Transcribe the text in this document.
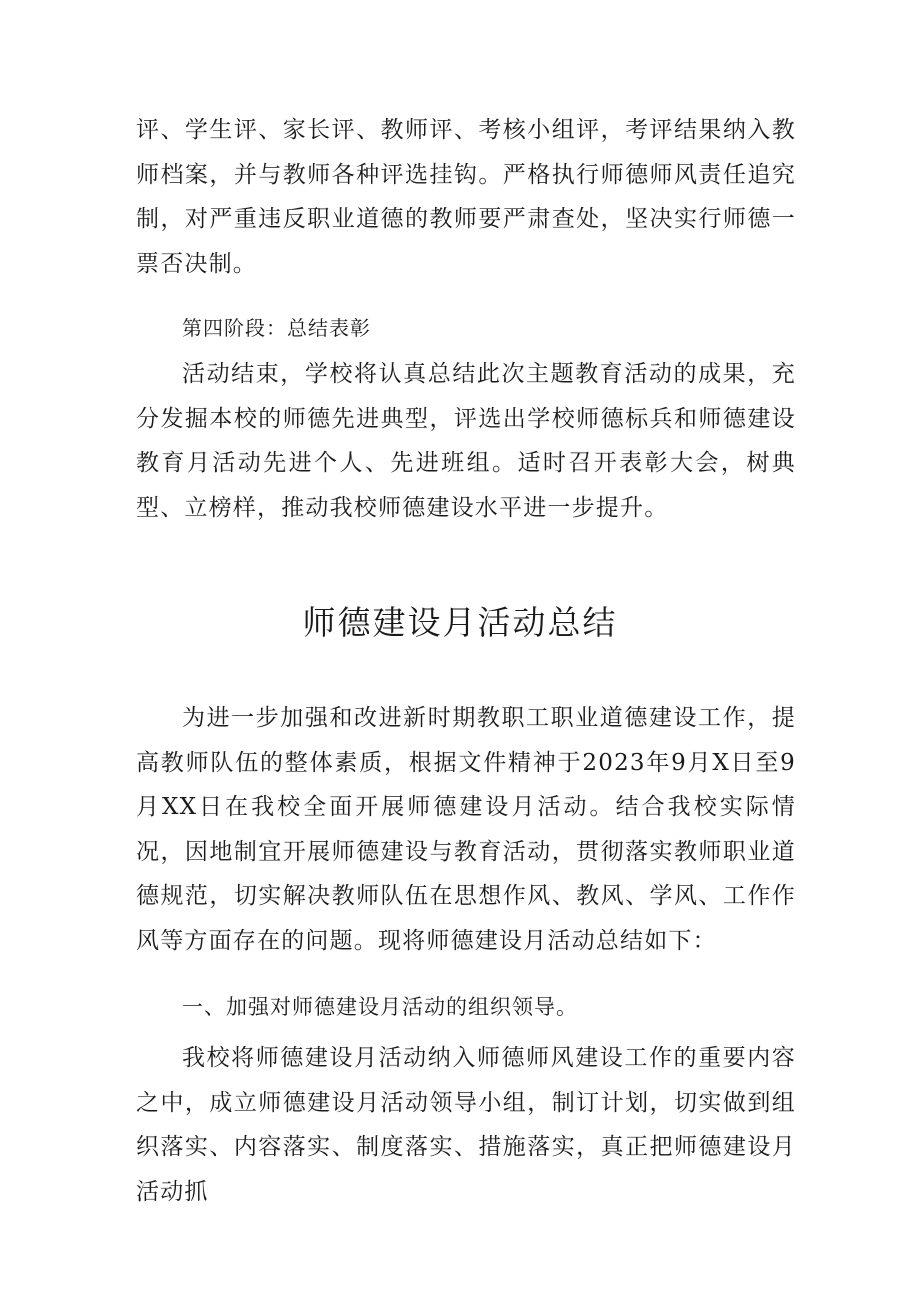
评、学生评、家长评、教师评、考核小组评，考评结果纳入教师档案，并与教师各种评选挂钩。严格执行师德师风责任追究制，对严重违反职业道德的教师要严肃查处，坚决实行师德一票否决制。

第四阶段：总结表彰

活动结束，学校将认真总结此次主题教育活动的成果，充分发掘本校的师德先进典型，评选出学校师德标兵和师德建设教育月活动先进个人、先进班组。适时召开表彰大会，树典型、立榜样，推动我校师德建设水平进一步提升。

师德建设月活动总结

为进一步加强和改进新时期教职工职业道德建设工作，提高教师队伍的整体素质，根据文件精神于2023年9月X日至9月XX日在我校全面开展师德建设月活动。结合我校实际情况，因地制宜开展师德建设与教育活动，贯彻落实教师职业道德规范，切实解决教师队伍在思想作风、教风、学风、工作作风等方面存在的问题。现将师德建设月活动总结如下：

一、加强对师德建设月活动的组织领导。

我校将师德建设月活动纳入师德师风建设工作的重要内容之中，成立师德建设月活动领导小组，制订计划，切实做到组织落实、内容落实、制度落实、措施落实，真正把师德建设月活动抓
